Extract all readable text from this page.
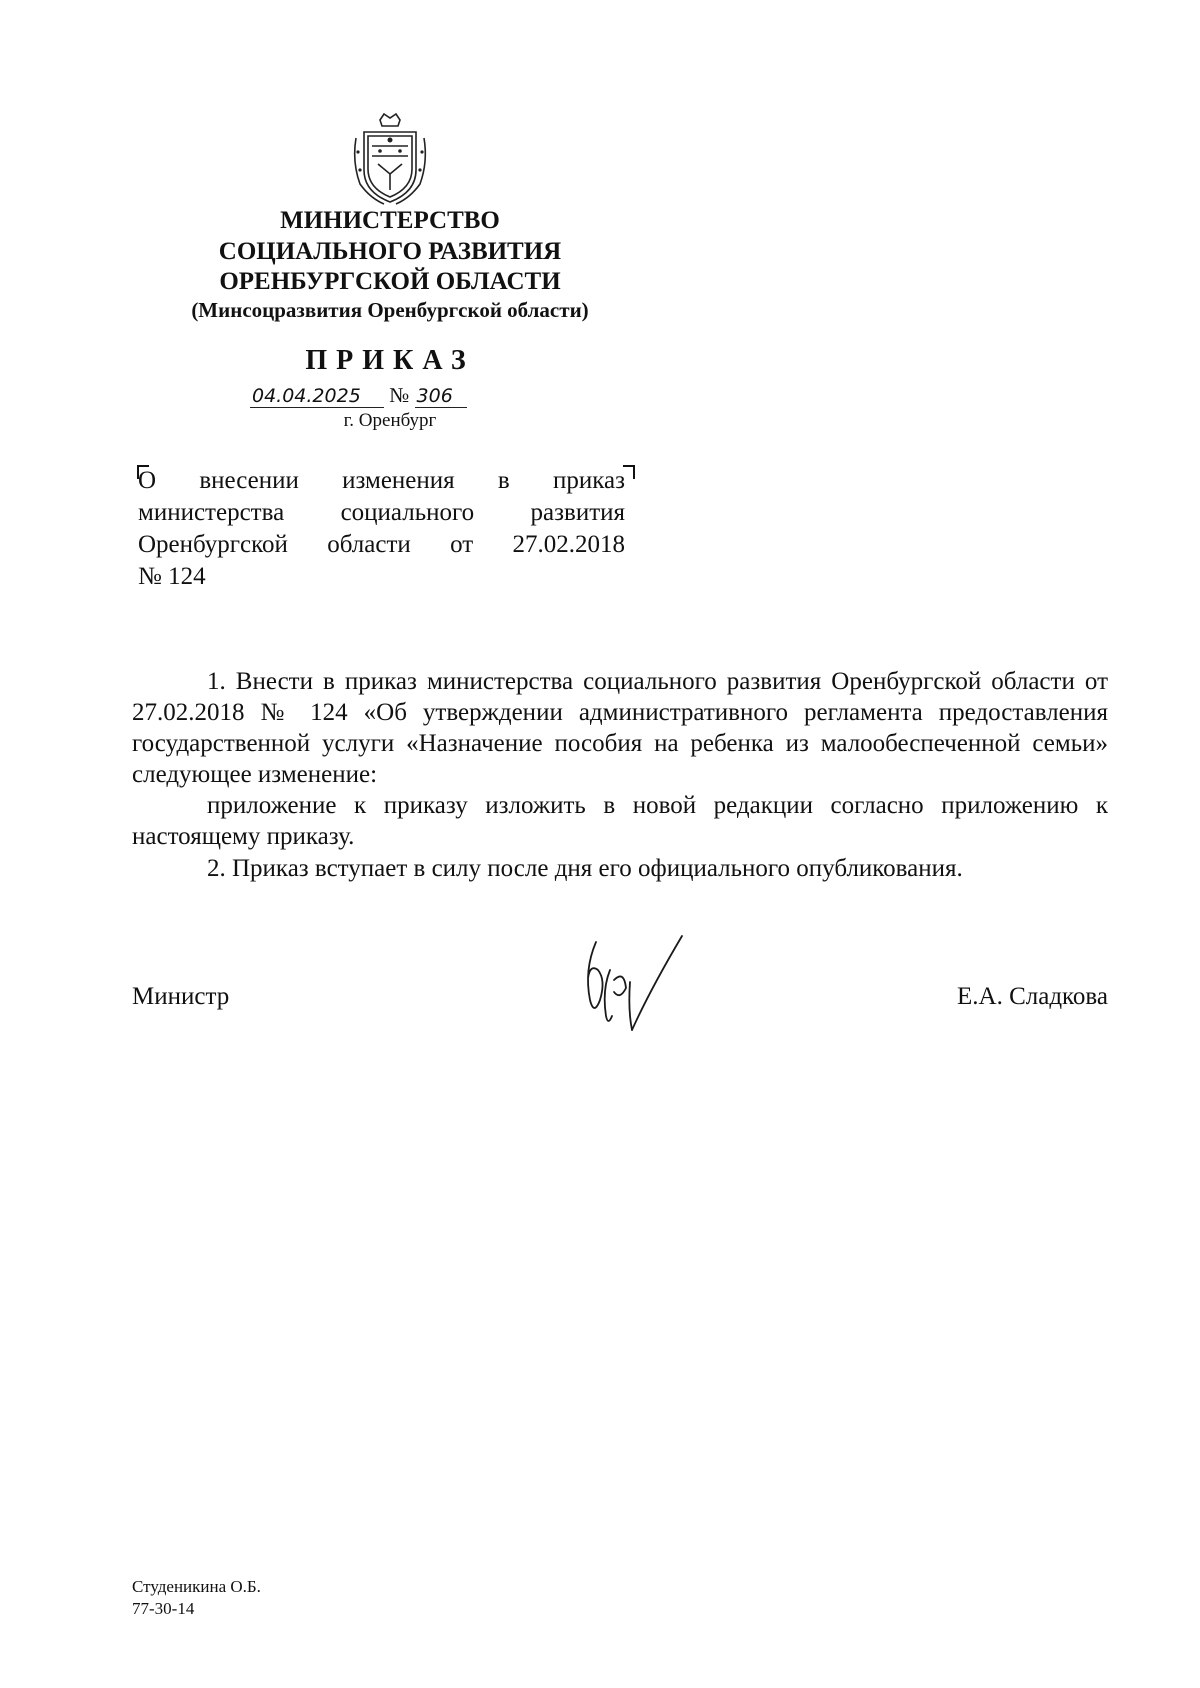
МИНИСТЕРСТВО
СОЦИАЛЬНОГО РАЗВИТИЯ
ОРЕНБУРГСКОЙ ОБЛАСТИ
(Минсоцразвития Оренбургской области)
ПРИКАЗ
04.04.2025 № 306
г. Оренбург
О внесении изменения в приказ
министерства социального развития
Оренбургской области от 27.02.2018
№ 124
1. Внести в приказ министерства социального развития Оренбургской области от 27.02.2018 № 124 «Об утверждении административного регламента предоставления государственной услуги «Назначение пособия на ребенка из малообеспеченной семьи» следующее изменение:
приложение к приказу изложить в новой редакции согласно приложению к настоящему приказу.
2. Приказ вступает в силу после дня его официального опубликования.
Министр	Е.А. Сладкова
Студеникина О.Б.
77-30-14
